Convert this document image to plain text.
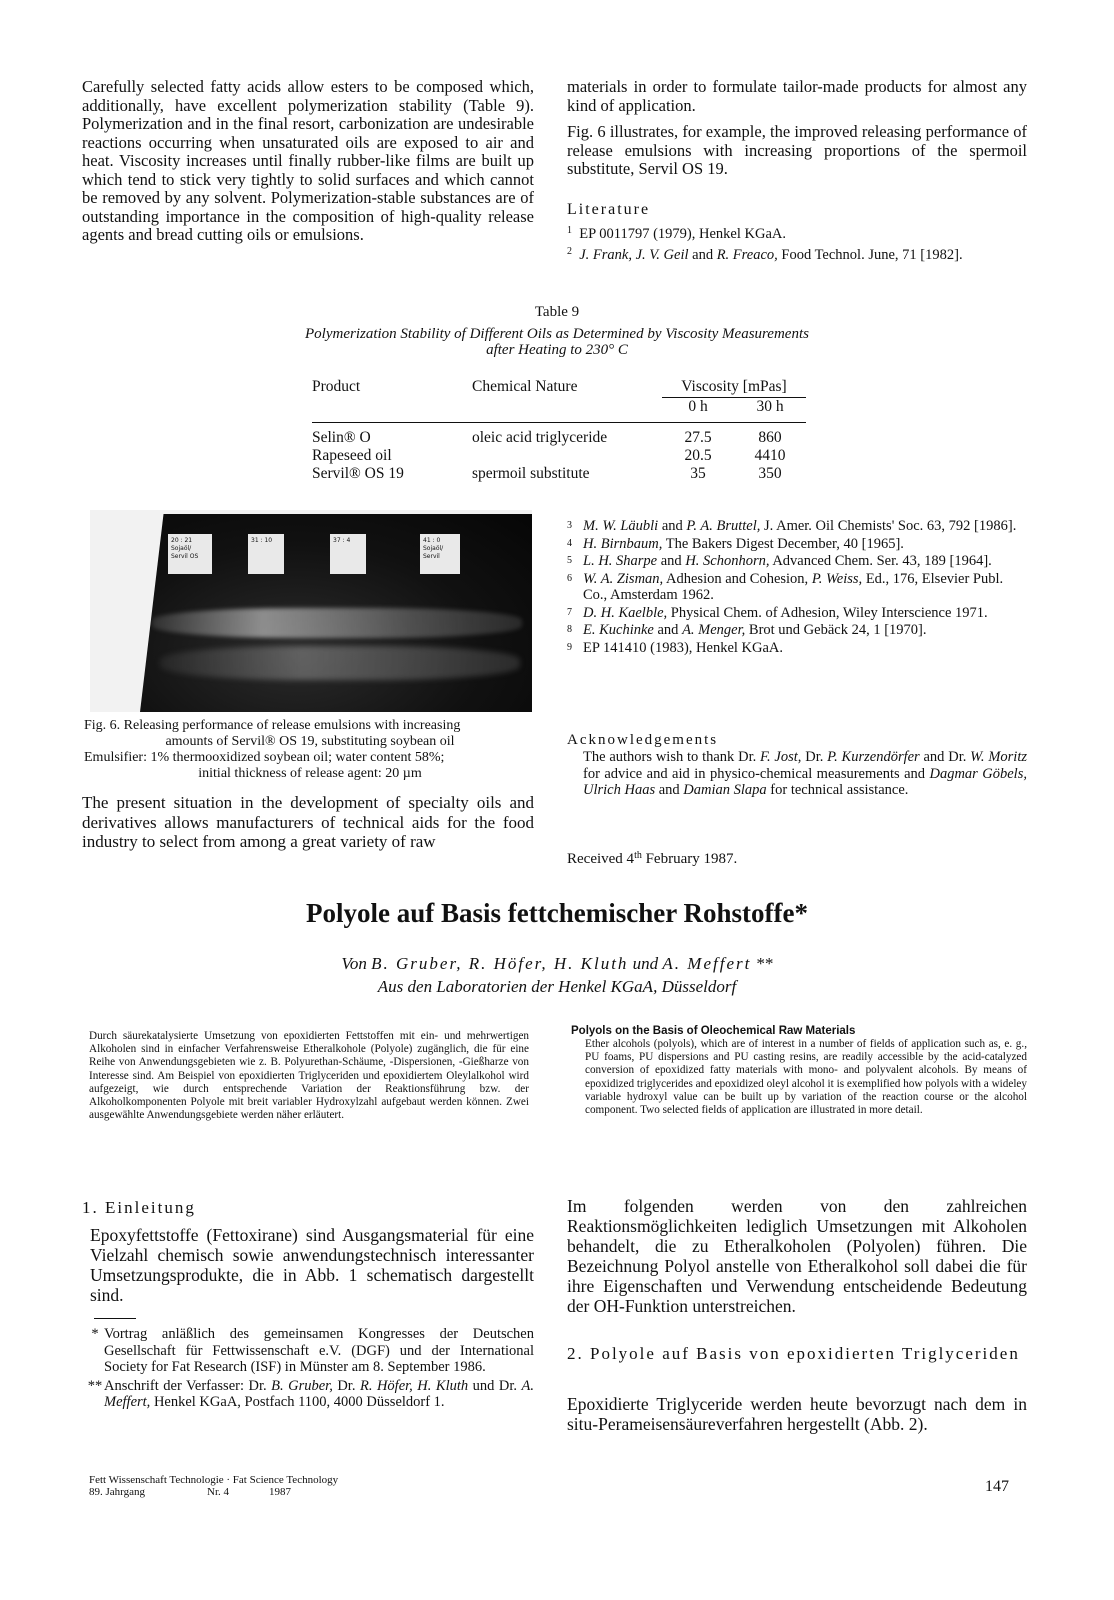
Carefully selected fatty acids allow esters to be composed which, additionally, have excellent polymerization stability (Table 9). Polymerization and in the final resort, carbonization are undesirable reactions occurring when unsaturated oils are exposed to air and heat. Viscosity increases until finally rubber-like films are built up which tend to stick very tightly to solid surfaces and which cannot be removed by any solvent. Polymerization-stable substances are of outstanding importance in the composition of high-quality release agents and bread cutting oils or emulsions.

materials in order to formulate tailor-made products for almost any kind of application.

Fig. 6 illustrates, for example, the improved releasing performance of release emulsions with increasing proportions of the spermoil substitute, Servil OS 19.

Literature
$^1$ EP 0011797 (1979), Henkel KGaA.
$^2$ J. Frank, J. V. Geil and R. Freaco, Food Technol. June, 71 [1982].
Table 9
Polymerization Stability of Different Oils as Determined by Viscosity Measurements after Heating to 230° C
Product	Chemical Nature	Viscosity [mPas]	

		0 h	30 h

Selin® O	oleic acid triglyceride	27.5	860
Rapeseed oil		20.5	4410
Servil® OS 19	spermoil substitute	35	350
20 : 21
Sojaöl/
Servil OS
31 : 10	37 : 4	41 : 0
Sojaöl/
Servil
Fig. 6. Releasing performance of release emulsions with increasing
amounts of Servil® OS 19, substituting soybean oil
Emulsifier: 1% thermooxidized soybean oil; water content 58%;
initial thickness of release agent: 20 µm

The present situation in the development of specialty oils and derivatives allows manufacturers of technical aids for the food industry to select from among a great variety of raw

3 M. W. Läubli and P. A. Bruttel, J. Amer. Oil Chemists' Soc. 63, 792 [1986].
4 H. Birnbaum, The Bakers Digest December, 40 [1965].
5 L. H. Sharpe and H. Schonhorn, Advanced Chem. Ser. 43, 189 [1964].
6 W. A. Zisman, Adhesion and Cohesion, P. Weiss, Ed., 176, Elsevier Publ. Co., Amsterdam 1962.
7 D. H. Kaelble, Physical Chem. of Adhesion, Wiley Interscience 1971.
8 E. Kuchinke and A. Menger, Brot und Gebäck 24, 1 [1970].
9 EP 141410 (1983), Henkel KGaA.
Acknowledgements
The authors wish to thank Dr. F. Jost, Dr. P. Kurzendörfer and Dr. W. Moritz for advice and aid in physico-chemical measurements and Dagmar Göbels, Ulrich Haas and Damian Slapa for technical assistance.
Received 4th February 1987.
Polyole auf Basis fettchemischer Rohstoffe*
Von B. Gruber, R. Höfer, H. Kluth und A. Meffert **
Aus den Laboratorien der Henkel KGaA, Düsseldorf

Durch säurekatalysierte Umsetzung von epoxidierten Fettstoffen mit ein- und mehrwertigen Alkoholen sind in einfacher Verfahrensweise Etheralkohole (Polyole) zugänglich, die für eine Reihe von Anwendungsgebieten wie z. B. Polyurethan-Schäume, -Dispersionen, -Gießharze von Interesse sind. Am Beispiel von epoxidierten Triglyceriden und epoxidiertem Oleylalkohol wird aufgezeigt, wie durch entsprechende Variation der Reaktionsführung bzw. der Alkoholkomponenten Polyole mit breit variabler Hydroxylzahl aufgebaut werden können. Zwei ausgewählte Anwendungsgebiete werden näher erläutert.

Polyols on the Basis of Oleochemical Raw Materials

Ether alcohols (polyols), which are of interest in a number of fields of application such as, e. g., PU foams, PU dispersions and PU casting resins, are readily accessible by the acid-catalyzed conversion of epoxidized fatty materials with mono- and polyvalent alcohols. By means of epoxidized triglycerides and epoxidized oleyl alcohol it is exemplified how polyols with a wideley variable hydroxyl value can be built up by variation of the reaction course or the alcohol component. Two selected fields of application are illustrated in more detail.

1. Einleitung

Epoxyfettstoffe (Fettoxirane) sind Ausgangsmaterial für eine Vielzahl chemisch sowie anwendungstechnisch interessanter Umsetzungsprodukte, die in Abb. 1 schematisch dargestellt sind.

* Vortrag anläßlich des gemeinsamen Kongresses der Deutschen Gesellschaft für Fettwissenschaft e.V. (DGF) und der International Society for Fat Research (ISF) in Münster am 8. September 1986.
** Anschrift der Verfasser: Dr. B. Gruber, Dr. R. Höfer, H. Kluth und Dr. A. Meffert, Henkel KGaA, Postfach 1100, 4000 Düsseldorf 1.

Im folgenden werden von den zahlreichen Reaktionsmöglichkeiten lediglich Umsetzungen mit Alkoholen behandelt, die zu Etheralkoholen (Polyolen) führen. Die Bezeichnung Polyol anstelle von Etheralkohol soll dabei die für ihre Eigenschaften und Verwendung entscheidende Bedeutung der OH-Funktion unterstreichen.

2. Polyole auf Basis von epoxidierten Triglyceriden

Epoxidierte Triglyceride werden heute bevorzugt nach dem in situ-Perameisensäureverfahren hergestellt (Abb. 2).

Fett Wissenschaft Technologie · Fat Science Technology
89. Jahrgang	Nr. 4	1987	147
